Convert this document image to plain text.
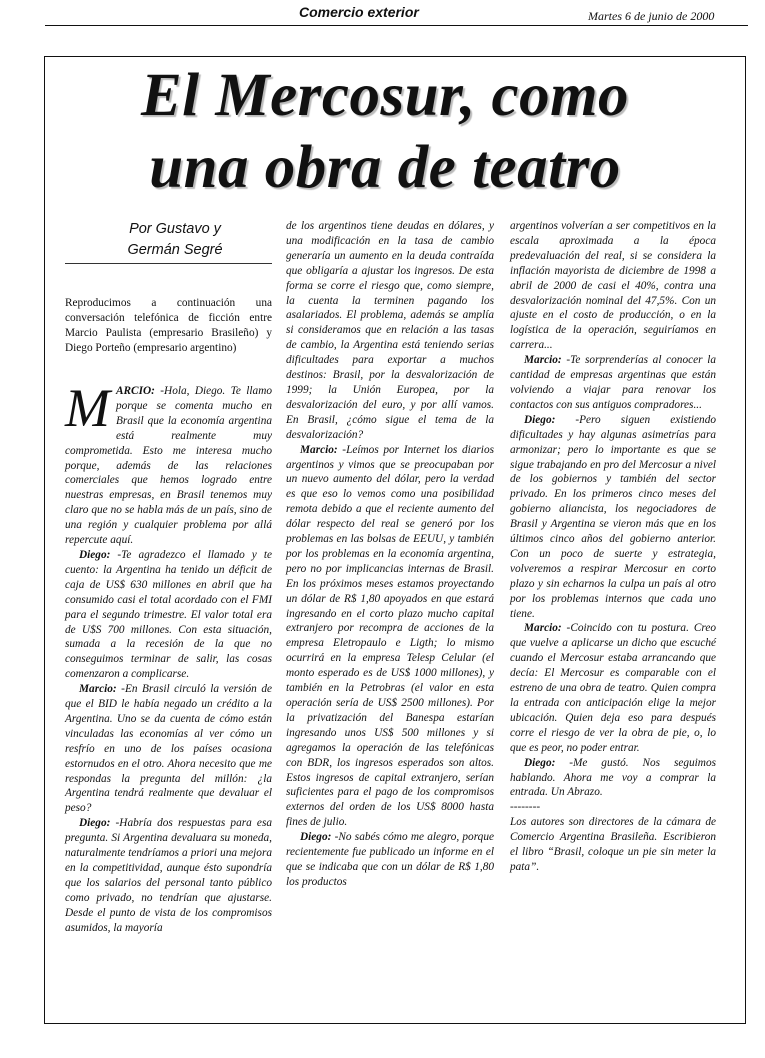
Comercio exterior	Martes 6 de junio de 2000
El Mercosur, como
una obra de teatro
Por Gustavo y
Germán Segré
Reproducimos a continuación una conversación telefónica de ficción entre Marcio Paulista (empresario Brasileño) y Diego Porteño (empresario argentino)

MARCIO: -Hola, Diego. Te llamo porque se comenta mucho en Brasil que la economía argentina está realmente muy comprometida. Esto me interesa mucho porque, además de las relaciones comerciales que hemos logrado entre nuestras empresas, en Brasil tenemos muy claro que no se habla más de un país, sino de una región y cualquier problema por allá repercute aquí.

Diego: -Te agradezco el llamado y te cuento: la Argentina ha tenido un déficit de caja de US$ 630 millones en abril que ha consumido casi el total acordado con el FMI para el segundo trimestre. El valor total era de U$S 700 millones. Con esta situación, sumada a la recesión de la que no conseguimos terminar de salir, las cosas comenzaron a complicarse.

Marcio: -En Brasil circuló la versión de que el BID le había negado un crédito a la Argentina. Uno se da cuenta de cómo están vinculadas las economías al ver cómo un resfrío en uno de los países ocasiona estornudos en el otro. Ahora necesito que me respondas la pregunta del millón: ¿la Argentina tendrá realmente que devaluar el peso?

Diego: -Habría dos respuestas para esa pregunta. Si Argentina devaluara su moneda, naturalmente tendríamos a priori una mejora en la competitividad, aunque ésto supondría que los salarios del personal tanto público como privado, no tendrían que ajustarse. Desde el punto de vista de los compromisos asumidos, la mayoría

de los argentinos tiene deudas en dólares, y una modificación en la tasa de cambio generaría un aumento en la deuda contraída que obligaría a ajustar los ingresos. De esta forma se corre el riesgo que, como siempre, la cuenta la terminen pagando los asalariados. El problema, además se amplía si consideramos que en relación a las tasas de cambio, la Argentina está teniendo serias dificultades para exportar a muchos destinos: Brasil, por la desvalorización de 1999; la Unión Europea, por la desvalorización del euro, y por allí vamos. En Brasil, ¿cómo sigue el tema de la desvalorización?

Marcio: -Leímos por Internet los diarios argentinos y vimos que se preocupaban por un nuevo aumento del dólar, pero la verdad es que eso lo vemos como una posibilidad remota debido a que el reciente aumento del dólar respecto del real se generó por los problemas en las bolsas de EEUU, y también por los problemas en la economía argentina, pero no por implicancias internas de Brasil. En los próximos meses estamos proyectando un dólar de R$ 1,80 apoyados en que estará ingresando en el corto plazo mucho capital extranjero por recompra de acciones de la empresa Eletropaulo e Ligth; lo mismo ocurrirá en la empresa Telesp Celular (el monto esperado es de US$ 1000 millones), y también en la Petrobras (el valor en esta operación sería de US$ 2500 millones). Por la privatización del Banespa estarían ingresando unos US$ 500 millones y si agregamos la operación de las telefónicas con BDR, los ingresos esperados son altos. Estos ingresos de capital extranjero, serían suficientes para el pago de los compromisos externos del orden de los US$ 8000 hasta fines de julio.

Diego: -No sabés cómo me alegro, porque recientemente fue publicado un informe en el que se indicaba que con un dólar de R$ 1,80 los productos

argentinos volverían a ser competitivos en la escala aproximada a la época predevaluación del real, si se considera la inflación mayorista de diciembre de 1998 a abril de 2000 de casi el 40%, contra una desvalorización nominal del 47,5%. Con un ajuste en el costo de producción, o en la logística de la operación, seguiríamos en carrera...

Marcio: -Te sorprenderías al conocer la cantidad de empresas argentinas que están volviendo a viajar para renovar los contactos con sus antiguos compradores...

Diego: -Pero siguen existiendo dificultades y hay algunas asimetrías para armonizar; pero lo importante es que se sigue trabajando en pro del Mercosur a nivel de los gobiernos y también del sector privado. En los primeros cinco meses del gobierno aliancista, los negociadores de Brasil y Argentina se vieron más que en los últimos cinco años del gobierno anterior. Con un poco de suerte y estrategia, volveremos a respirar Mercosur en corto plazo y sin echarnos la culpa un país al otro por los problemas internos que cada uno tiene.

Marcio: -Coincido con tu postura. Creo que vuelve a aplicarse un dicho que escuché cuando el Mercosur estaba arrancando que decía: El Mercosur es comparable con el estreno de una obra de teatro. Quien compra la entrada con anticipación elige la mejor ubicación. Quien deja eso para después corre el riesgo de ver la obra de pie, o, lo que es peor, no poder entrar.

Diego: -Me gustó. Nos seguimos hablando. Ahora me voy a comprar la entrada. Un Abrazo.

--------

Los autores son directores de la cámara de Comercio Argentina Brasileña. Escribieron el libro “Brasil, coloque un pie sin meter la pata”.
